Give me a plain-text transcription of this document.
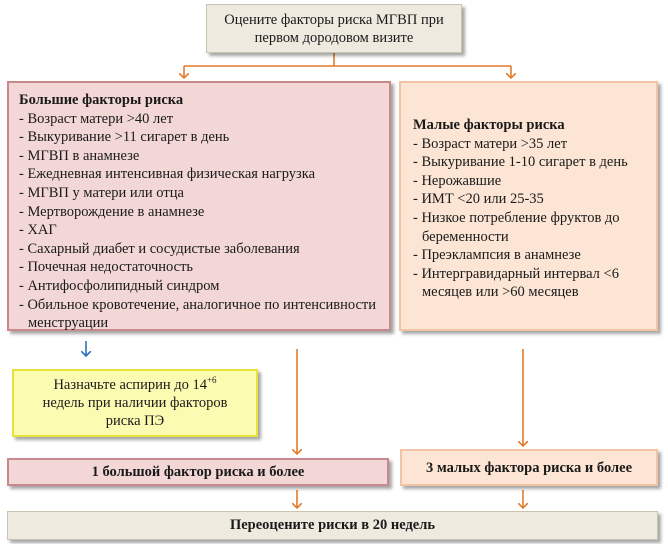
Оцените факторы риска МГВП при
первом дородовом визите
Большие факторы риска
- Возраст матери >40 лет
- Выкуривание >11 сигарет в день
- МГВП в анамнезе
- Ежедневная интенсивная физическая нагрузка
- МГВП у матери или отца
- Мертворождение в анамнезе
- ХАГ
- Сахарный диабет и сосудистые заболевания
- Почечная недостаточность
- Антифосфолипидный синдром
- Обильное кровотечение, аналогичное по интенсивности менструации
Малые факторы риска
- Возраст матери >35 лет
- Выкуривание 1-10 сигарет в день
- Нерожавшие
- ИМТ <20 или 25-35
- Низкое потребление фруктов до беременности
- Преэклампсия в анамнезе
- Интергравидарный интервал <6 месяцев или >60 месяцев
Назначьте аспирин до $14^{+6}$
недель при наличии факторов
риска ПЭ
1 большой фактор риска и более	3 малых фактора риска и более
Переоцените риски в 20 недель
